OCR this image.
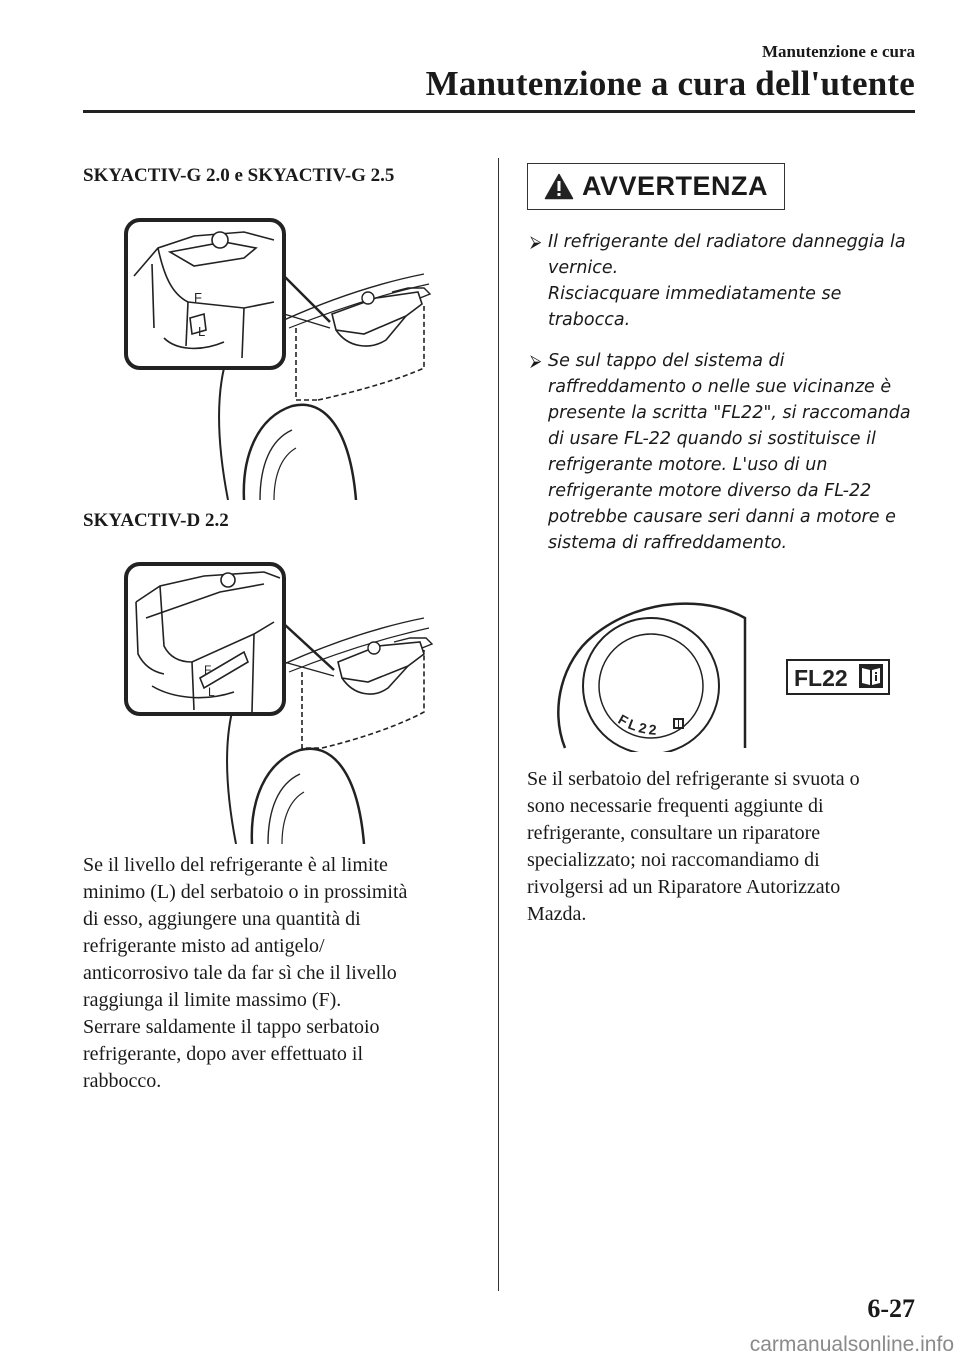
Manutenzione e cura
Manutenzione a cura dell'utente
SKYACTIV-G 2.0 e SKYACTIV-G 2.5
F
L
SKYACTIV-D 2.2
F
L
Se il livello del refrigerante è al limite
minimo (L) del serbatoio o in prossimità
di esso, aggiungere una quantità di
refrigerante misto ad antigelo/
anticorrosivo tale da far sì che il livello
raggiunga il limite massimo (F).
Serrare saldamente il tappo serbatoio
refrigerante, dopo aver effettuato il
rabbocco.
AVVERTENZA
⮚ Il refrigerante del radiatore danneggia la
vernice.
Risciacquare immediatamente se
trabocca.
⮚ Se sul tappo del sistema di
raffreddamento o nelle sue vicinanze è
presente la scritta "FL22", si raccomanda
di usare FL-22 quando si sostituisce il
refrigerante motore. L'uso di un
refrigerante motore diverso da FL-22
potrebbe causare seri danni a motore e
sistema di raffreddamento.
FL22
FL22
Se il serbatoio del refrigerante si svuota o
sono necessarie frequenti aggiunte di
refrigerante, consultare un riparatore
specializzato; noi raccomandiamo di
rivolgersi ad un Riparatore Autorizzato
Mazda.
6-27
carmanualsonline.info
